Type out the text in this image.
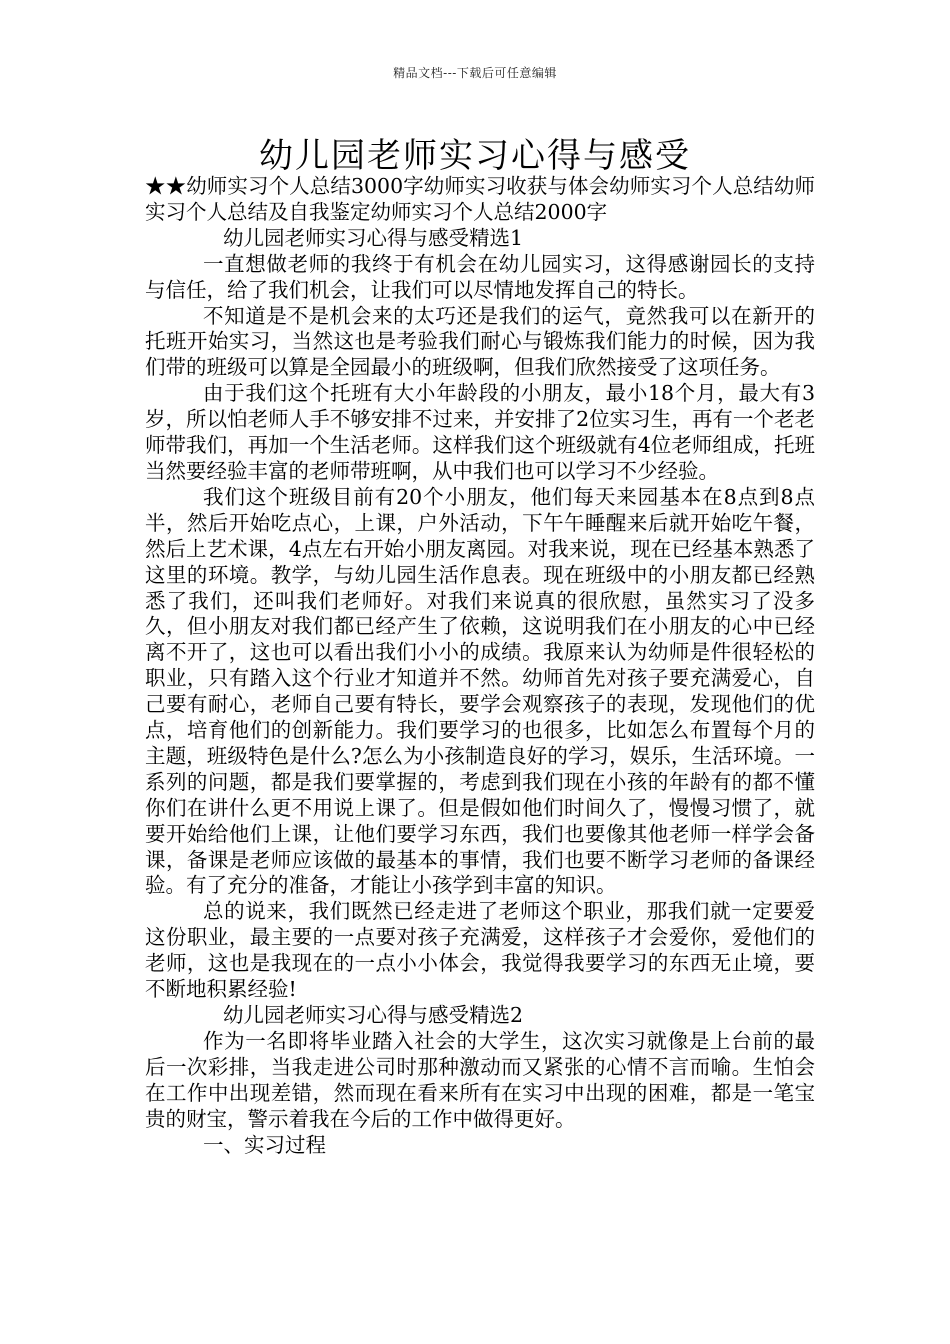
精品文档---下载后可任意编辑
幼儿园老师实习心得与感受

★★幼师实习个人总结3000字幼师实习收获与体会幼师实习个人总结幼师实习个人总结及自我鉴定幼师实习个人总结2000字

幼儿园老师实习心得与感受精选1

一直想做老师的我终于有机会在幼儿园实习，这得感谢园长的支持与信任，给了我们机会，让我们可以尽情地发挥自己的特长。

不知道是不是机会来的太巧还是我们的运气，竟然我可以在新开的托班开始实习，当然这也是考验我们耐心与锻炼我们能力的时候，因为我们带的班级可以算是全园最小的班级啊，但我们欣然接受了这项任务。

由于我们这个托班有大小年龄段的小朋友，最小18个月，最大有3岁，所以怕老师人手不够安排不过来，并安排了2位实习生，再有一个老老师带我们，再加一个生活老师。这样我们这个班级就有4位老师组成，托班当然要经验丰富的老师带班啊，从中我们也可以学习不少经验。

我们这个班级目前有20个小朋友，他们每天来园基本在8点到8点半，然后开始吃点心，上课，户外活动，下午午睡醒来后就开始吃午餐，然后上艺术课，4点左右开始小朋友离园。对我来说，现在已经基本熟悉了这里的环境。教学，与幼儿园生活作息表。现在班级中的小朋友都已经熟悉了我们，还叫我们老师好。对我们来说真的很欣慰，虽然实习了没多久，但小朋友对我们都已经产生了依赖，这说明我们在小朋友的心中已经离不开了，这也可以看出我们小小的成绩。我原来认为幼师是件很轻松的职业，只有踏入这个行业才知道并不然。幼师首先对孩子要充满爱心，自己要有耐心，老师自己要有特长，要学会观察孩子的表现，发现他们的优点，培育他们的创新能力。我们要学习的也很多，比如怎么布置每个月的主题，班级特色是什么?怎么为小孩制造良好的学习，娱乐，生活环境。一系列的问题，都是我们要掌握的，考虑到我们现在小孩的年龄有的都不懂你们在讲什么更不用说上课了。但是假如他们时间久了，慢慢习惯了，就要开始给他们上课，让他们要学习东西，我们也要像其他老师一样学会备课，备课是老师应该做的最基本的事情，我们也要不断学习老师的备课经验。有了充分的准备，才能让小孩学到丰富的知识。

总的说来，我们既然已经走进了老师这个职业，那我们就一定要爱这份职业，最主要的一点要对孩子充满爱，这样孩子才会爱你，爱他们的老师，这也是我现在的一点小小体会，我觉得我要学习的东西无止境，要不断地积累经验!

幼儿园老师实习心得与感受精选2

作为一名即将毕业踏入社会的大学生，这次实习就像是上台前的最后一次彩排，当我走进公司时那种激动而又紧张的心情不言而喻。生怕会在工作中出现差错，然而现在看来所有在实习中出现的困难，都是一笔宝贵的财宝，警示着我在今后的工作中做得更好。

一、实习过程
